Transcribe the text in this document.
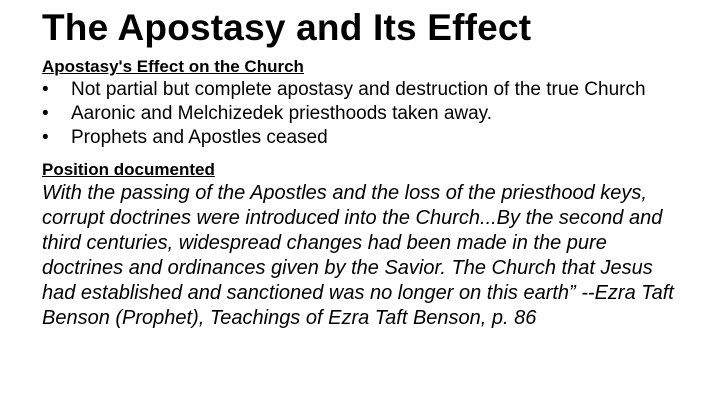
The Apostasy and Its Effect

Apostasy's Effect on the Church

•	Not partial but complete apostasy and destruction of the true Church
•	Aaronic and Melchizedek priesthoods taken away.
•	Prophets and Apostles ceased

Position documented

With the passing of the Apostles and the loss of the priesthood keys, corrupt doctrines were introduced into the Church...By the second and third centuries, widespread changes had been made in the pure doctrines and ordinances given by the Savior. The Church that Jesus had established and sanctioned was no longer on this earth” --Ezra Taft Benson (Prophet), Teachings of Ezra Taft Benson, p. 86
